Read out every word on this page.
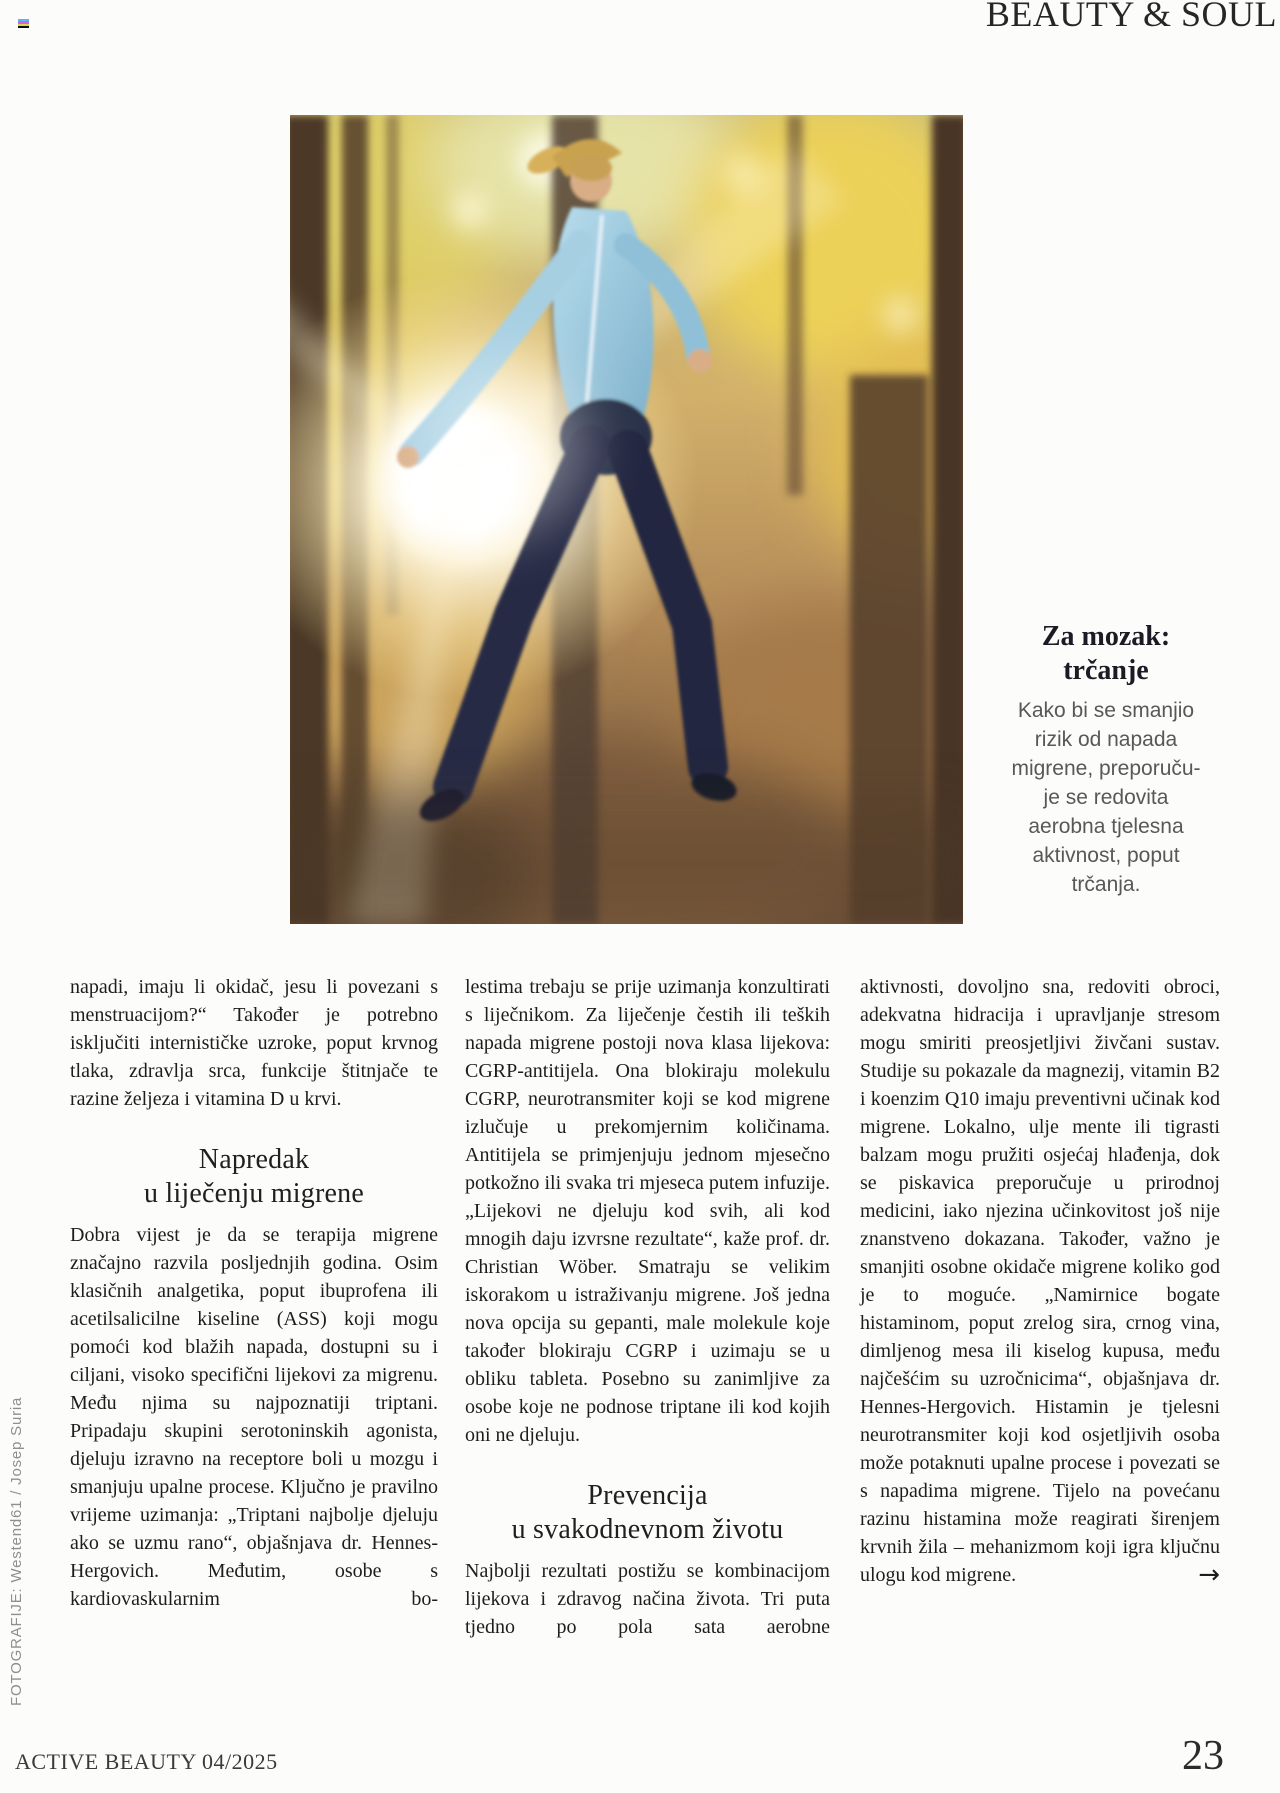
BEAUTY & SOUL
Za mozak:
trčanje
Kako bi se smanjio
rizik od napada
migrene, preporuču-
je se redovita
aerobna tjelesna
aktivnost, poput
trčanja.

napadi, imaju li okidač, jesu li povezani s menstruacijom?“ Također je potrebno isključiti internističke uzroke, poput krvnog tlaka, zdravlja srca, funkcije štitnjače te razine željeza i vitamina D u krvi.

Napredak
u liječenju migrene

Dobra vijest je da se terapija migrene značajno razvila posljednjih godina. Osim klasičnih analgetika, poput ibuprofena ili acetilsalicilne kiseline (ASS) koji mogu pomoći kod blažih napada, dostupni su i ciljani, visoko specifični lijekovi za migrenu. Među njima su najpoznatiji triptani. Pripadaju skupini serotoninskih agonista, djeluju izravno na receptore boli u mozgu i smanjuju upalne procese. Ključno je pravilno vrijeme uzimanja: „Triptani najbolje djeluju ako se uzmu rano“, objašnjava dr. Hennes-Hergovich. Međutim, osobe s kardiovaskularnim bo-

lestima trebaju se prije uzimanja konzultirati s liječnikom. Za liječenje čestih ili teških napada migrene postoji nova klasa lijekova: CGRP-antitijela. Ona blokiraju molekulu CGRP, neurotransmiter koji se kod migrene izlučuje u prekomjernim količinama. Antitijela se primjenjuju jednom mjesečno potkožno ili svaka tri mjeseca putem infuzije. „Lijekovi ne djeluju kod svih, ali kod mnogih daju izvrsne rezultate“, kaže prof. dr. Christian Wöber. Smatraju se velikim iskorakom u istraživanju migrene. Još jedna nova opcija su gepanti, male molekule koje također blokiraju CGRP i uzimaju se u obliku tableta. Posebno su zanimljive za osobe koje ne podnose triptane ili kod kojih oni ne djeluju.

Prevencija
u svakodnevnom životu

Najbolji rezultati postižu se kombinacijom lijekova i zdravog načina života. Tri puta tjedno po pola sata aerobne

aktivnosti, dovoljno sna, redoviti obroci, adekvatna hidracija i upravljanje stresom mogu smiriti preosjetljivi živčani sustav. Studije su pokazale da magnezij, vitamin B2 i koenzim Q10 imaju preventivni učinak kod migrene. Lokalno, ulje mente ili tigrasti balzam mogu pružiti osjećaj hlađenja, dok se piskavica preporučuje u prirodnoj medicini, iako njezina učinkovitost još nije znanstveno dokazana. Također, važno je smanjiti osobne okidače migrene koliko god je to moguće. „Namirnice bogate histaminom, poput zrelog sira, crnog vina, dimljenog mesa ili kiselog kupusa, među najčešćim su uzročnicima“, objašnjava dr. Hennes-Hergovich. Histamin je tjelesni neurotransmiter koji kod osjetljivih osoba može potaknuti upalne procese i povezati se s napadima migrene. Tijelo na povećanu razinu histamina može reagirati širenjem krvnih žila – mehanizmom koji igra ključnu ulogu kod migrene.	→

FOTOGRAFIJE: Westend61 / Josep Suria
ACTIVE BEAUTY 04/2025	23
